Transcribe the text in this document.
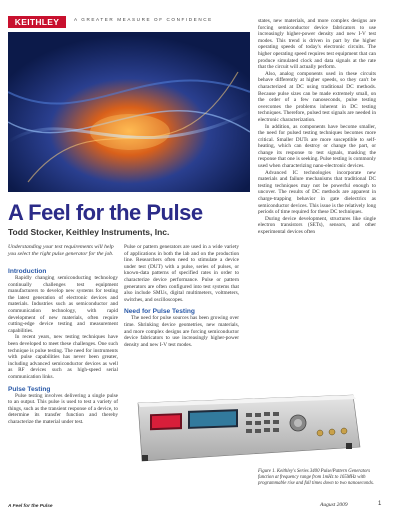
KEITHLEY	A GREATER MEASURE OF CONFIDENCE
A Feel for the Pulse
Todd Stocker, Keithley Instruments, Inc.
Understanding your test requirements will help you select the right pulse generator for the job.
Introduction

Rapidly changing semiconducting technology continually challenges test equipment manufacturers to develop new systems for testing the latest generation of electronic devices and materials. Industries such as semiconductor and communication technology, with rapid development of new materials, often require cutting-edge device testing and measurement capabilities.

In recent years, new testing techniques have been developed to meet these challenges. One such technique is pulse testing. The need for instruments with pulse capabilities has never been greater, including advanced semiconductor devices as well as RF devices such as high-speed serial communication links.

Pulse Testing

Pulse testing involves delivering a single pulse to an output. This pulse is used to test a variety of things, such as the transient response of a device, to determine its transfer function and thereby characterize the material under test.

Pulse or pattern generators are used in a wide variety of applications in both the lab and on the production line. Researchers often need to stimulate a device under test (DUT) with a pulse, series of pulses, or known-data patterns of specified rates in order to characterize device performance. Pulse or pattern generators are often configured into test systems that also include SMUs, digital multimeters, voltmeters, switches, and oscilloscopes.

Need for Pulse Testing

The need for pulse sources has been growing over time. Shrinking device geometries, new materials, and more complex designs are forcing semiconductor device fabricators to use increasingly higher-power density and new I-V test modes.

states, new materials, and more complex designs are forcing semiconductor device fabricators to use increasingly higher-power density and new I-V test modes. This trend is driven in part by the higher operating speeds of today's electronic circuits. The higher operating speed requires test equipment that can produce simulated clock and data signals at the rate that the circuit will actually perform.

Also, analog components used in these circuits behave differently at higher speeds, so they can't be characterized at DC using traditional DC methods. Because pulse sizes can be made extremely small, on the order of a few nanoseconds, pulse testing overcomes the problems inherent in DC testing techniques. Therefore, pulsed test signals are needed in electronic characterization.

In addition, as components have become smaller, the need for pulsed testing techniques becomes more critical. Smaller DUTs are more susceptible to self-heating, which can destroy or change the part, or change its response to test signals, masking the response that one is seeking. Pulse testing is commonly used when characterizing nano-electronic devices.

Advanced IC technologies incorporate new materials and failure mechanisms that traditional DC testing techniques may not be powerful enough to uncover. The results of DC methods are apparent in charge-trapping behavior in gate dielectrics as semiconductor devices. This issue is the relatively long periods of time required for these DC techniques.

During device development, structures like single electron transistors (SETs), sensors, and other experimental devices often

Figure 1. Keithley's Series 3400 Pulse/Pattern Generators function at frequency range from 1mHz to 165MHz with programmable rise and fall times down to two nanoseconds.
A Feel for the Pulse	August 2009	1
